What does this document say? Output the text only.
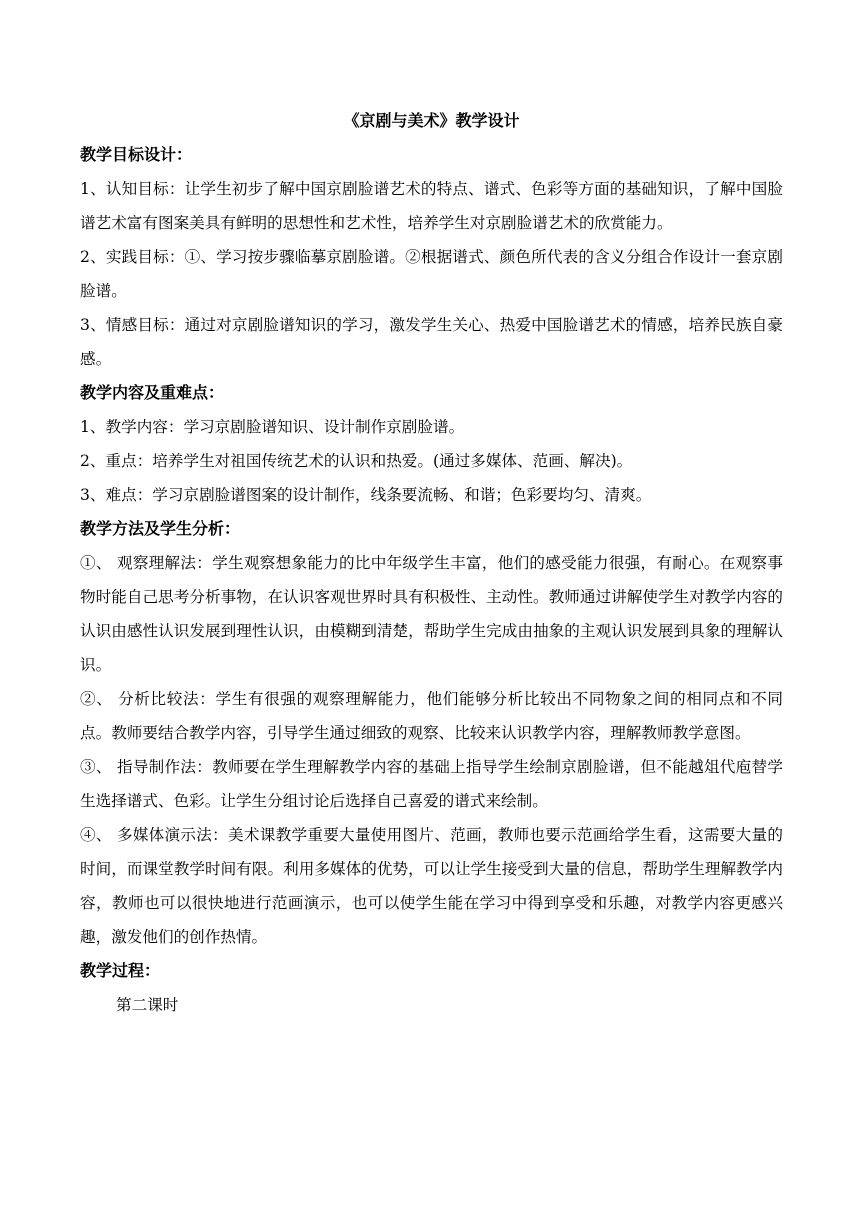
《京剧与美术》教学设计
教学目标设计：

1、认知目标：让学生初步了解中国京剧脸谱艺术的特点、谱式、色彩等方面的基础知识，了解中国脸谱艺术富有图案美具有鲜明的思想性和艺术性，培养学生对京剧脸谱艺术的欣赏能力。

2、实践目标：①、学习按步骤临摹京剧脸谱。②根据谱式、颜色所代表的含义分组合作设计一套京剧脸谱。

3、情感目标：通过对京剧脸谱知识的学习，激发学生关心、热爱中国脸谱艺术的情感，培养民族自豪感。

教学内容及重难点：

1、教学内容：学习京剧脸谱知识、设计制作京剧脸谱。

2、重点：培养学生对祖国传统艺术的认识和热爱。(通过多媒体、范画、解决)。

3、难点：学习京剧脸谱图案的设计制作，线条要流畅、和谐；色彩要均匀、清爽。

教学方法及学生分析：

①、 观察理解法：学生观察想象能力的比中年级学生丰富，他们的感受能力很强，有耐心。在观察事物时能自己思考分析事物，在认识客观世界时具有积极性、主动性。教师通过讲解使学生对教学内容的认识由感性认识发展到理性认识，由模糊到清楚，帮助学生完成由抽象的主观认识发展到具象的理解认识。

②、 分析比较法：学生有很强的观察理解能力，他们能够分析比较出不同物象之间的相同点和不同点。教师要结合教学内容，引导学生通过细致的观察、比较来认识教学内容，理解教师教学意图。

③、 指导制作法：教师要在学生理解教学内容的基础上指导学生绘制京剧脸谱，但不能越俎代庖替学生选择谱式、色彩。让学生分组讨论后选择自己喜爱的谱式来绘制。

④、 多媒体演示法：美术课教学重要大量使用图片、范画，教师也要示范画给学生看，这需要大量的时间，而课堂教学时间有限。利用多媒体的优势，可以让学生接受到大量的信息，帮助学生理解教学内容，教师也可以很快地进行范画演示，也可以使学生能在学习中得到享受和乐趣，对教学内容更感兴趣，激发他们的创作热情。

教学过程：

第二课时
